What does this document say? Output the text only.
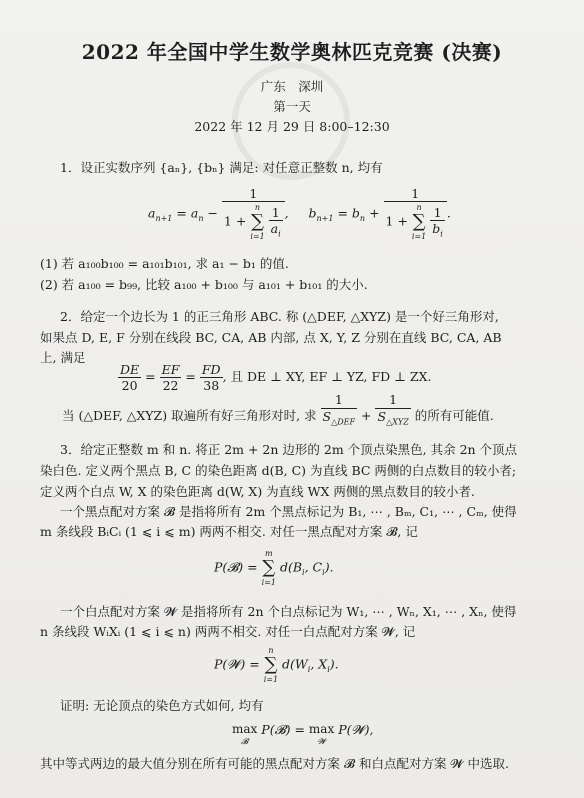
2022 年全国中学生数学奥林匹克竞赛 (决赛)
广东　深圳
第一天
2022 年 12 月 29 日 8:00–12:30
1．设正实数序列 {aₙ}, {bₙ} 满足: 对任意正整数 n, 均有
$a_{n+1} = a_n - 1$
1 +
n
∑
i=1
$\frac{1}{a_i}$ ,     $b_{n+1} = b_n + 1$
1 +
n
∑
i=1
$\frac{1}{b_i}$ .
(1) 若 a₁₀₀b₁₀₀ = a₁₀₁b₁₀₁, 求 a₁ − b₁ 的值.
(2) 若 a₁₀₀ = b₉₉, 比较 a₁₀₀ + b₁₀₀ 与 a₁₀₁ + b₁₀₁ 的大小.
2．给定一个边长为 1 的正三角形 ABC. 称 (△DEF, △XYZ) 是一个好三角形对,
如果点 D, E, F 分别在线段 BC, CA, AB 内部, 点 X, Y, Z 分别在直线 BC, CA, AB
上, 满足
$\frac{DE}{20} = \frac{EF}{22} = \frac{FD}{38}$ , 且 DE ⊥ XY, EF ⊥ YZ, FD ⊥ ZX.
当 (△DEF, △XYZ) 取遍所有好三角形对时, 求 $\frac{1}{S_{\triangle DEF}} + \frac{1}{S_{\triangle XYZ}}$ 的所有可能值.
3．给定正整数 m 和 n. 将正 2m + 2n 边形的 2m 个顶点染黑色, 其余 2n 个顶点
染白色. 定义两个黑点 B, C 的染色距离 d(B, C) 为直线 BC 两侧的白点数目的较小者;
定义两个白点 W, X 的染色距离 d(W, X) 为直线 WX 两侧的黑点数目的较小者.
一个黑点配对方案 𝓑 是指将所有 2m 个黑点标记为 B₁, ⋯ , Bₘ, C₁, ⋯ , Cₘ, 使得
m 条线段 BᵢCᵢ (1 ⩽ i ⩽ m) 两两不相交. 对任一黑点配对方案 𝓑, 记
P(𝓑) =
m
∑
i=1
$d(B_i$, $C_i$).
一个白点配对方案 𝓦 是指将所有 2n 个白点标记为 W₁, ⋯ , Wₙ, X₁, ⋯ , Xₙ, 使得
n 条线段 WᵢXᵢ (1 ⩽ i ⩽ n) 两两不相交. 对任一白点配对方案 𝓦, 记
P(𝓦) =
n
∑
i=1
$d(W_i$, $X_i$).
证明: 无论顶点的染色方式如何, 均有
max
𝓑
P(𝓑) = max
𝓦
P(𝓦),
其中等式两边的最大值分别在所有可能的黑点配对方案 𝓑 和白点配对方案 𝓦 中选取.
